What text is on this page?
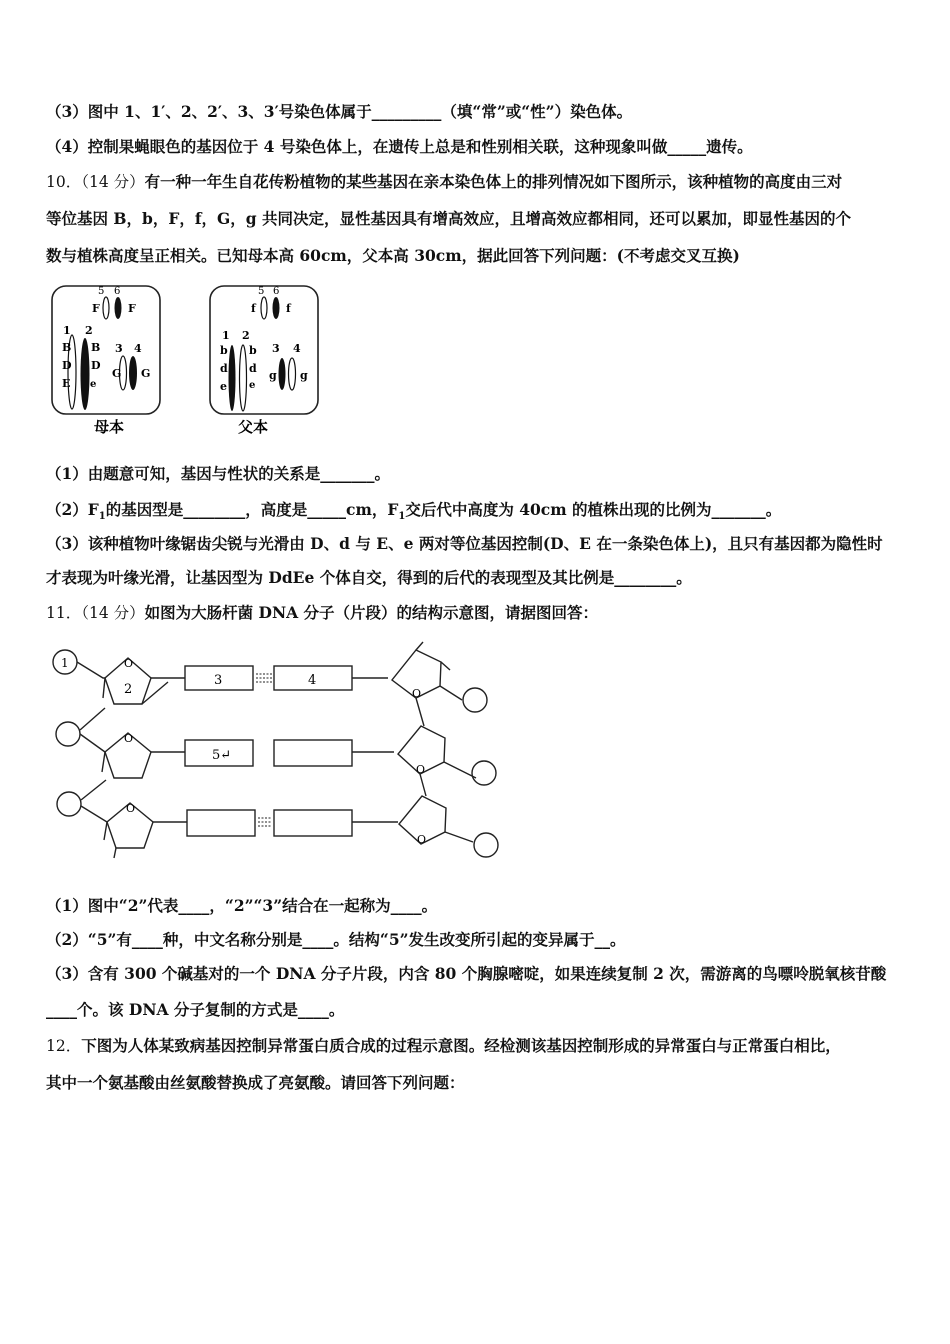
（3）图中 1、1′、2、2′、3、3′号染色体属于_________（填“常”或“性”）染色体。
（4）控制果蝇眼色的基因位于 4 号染色体上，在遗传上总是和性别相关联，这种现象叫做_____遗传。
10．（14 分）有一种一年生自花传粉植物的某些基因在亲本染色体上的排列情况如下图所示，该种植物的高度由三对
等位基因 B，b，F，f，G，g 共同决定，显性基因具有增高效应，且增高效应都相同，还可以累加，即显性基因的个
数与植株高度呈正相关。已知母本高 60cm，父本高 30cm，据此回答下列问题：(不考虑交叉互换)
5 6
F	F
1 2
B B
D D
E e
3 4
G G
母本
5 6
f	f
1 2
b b
d d
e e
3 4
g g
父本
（1）由题意可知，基因与性状的关系是_______。
$(2)F_1$的基因型是________，高度是_____cm，$F_1$交后代中高度为 40cm 的植株出现的比例为_______。
（3）该种植物叶缘锯齿尖锐与光滑由 D、d 与 E、e 两对等位基因控制(D、E 在一条染色体上)，且只有基因都为隐性时
才表现为叶缘光滑，让基因型为 DdEe 个体自交，得到的后代的表现型及其比例是________。
11．（14 分）如图为大肠杆菌 DNA 分子（片段）的结构示意图，请据图回答：
1
2
3	4
5↵
O
O
O
O
O
O
（1）图中“2”代表____，“2”“3”结合在一起称为____。
（2）“5”有____种，中文名称分别是____。结构“5”发生改变所引起的变异属于__。
（3）含有 300 个碱基对的一个 DNA 分子片段，内含 80 个胸腺嘧啶，如果连续复制 2 次，需游离的鸟嘌呤脱氧核苷酸
____个。该 DNA 分子复制的方式是____。
12．下图为人体某致病基因控制异常蛋白质合成的过程示意图。经检测该基因控制形成的异常蛋白与正常蛋白相比，
其中一个氨基酸由丝氨酸替换成了亮氨酸。请回答下列问题：
